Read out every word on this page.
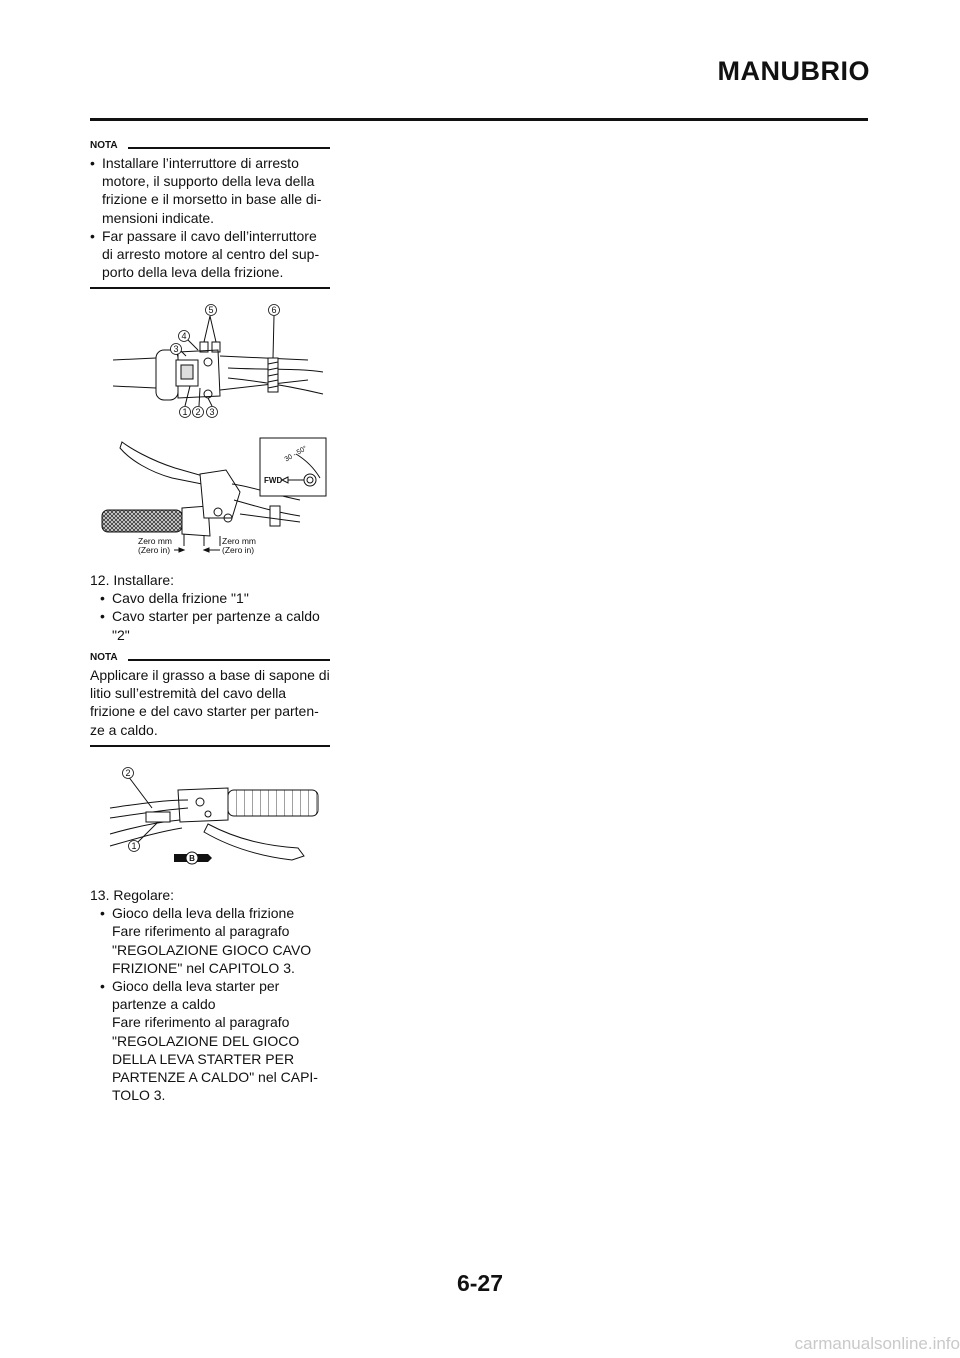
MANUBRIO
NOTA

• Installare l’interruttore di arresto motore, il supporto della leva della frizione e il morsetto in base alle di-mensioni indicate.

• Far passare il cavo dell’interruttore di arresto motore al centro del sup-porto della leva della frizione.

5	6
4
3
1 2 3
30 - 50°
FWD
Zero mm
(Zero in)
Zero mm
(Zero in)

12. Installare:

• Cavo della frizione "1"

• Cavo starter per partenze a caldo "2"

NOTA

Applicare il grasso a base di sapone di litio sull’estremità del cavo della frizione e del cavo starter per parten-ze a caldo.

2
1
B

13. Regolare:

• Gioco della leva della frizione
Fare riferimento al paragrafo "REGOLAZIONE GIOCO CAVO FRIZIONE" nel CAPITOLO 3.
• Gioco della leva starter per partenze a caldo
Fare riferimento al paragrafo "REGOLAZIONE DEL GIOCO DELLA LEVA STARTER PER PARTENZE A CALDO" nel CAPI-TOLO 3.
6-27
carmanualsonline.info
